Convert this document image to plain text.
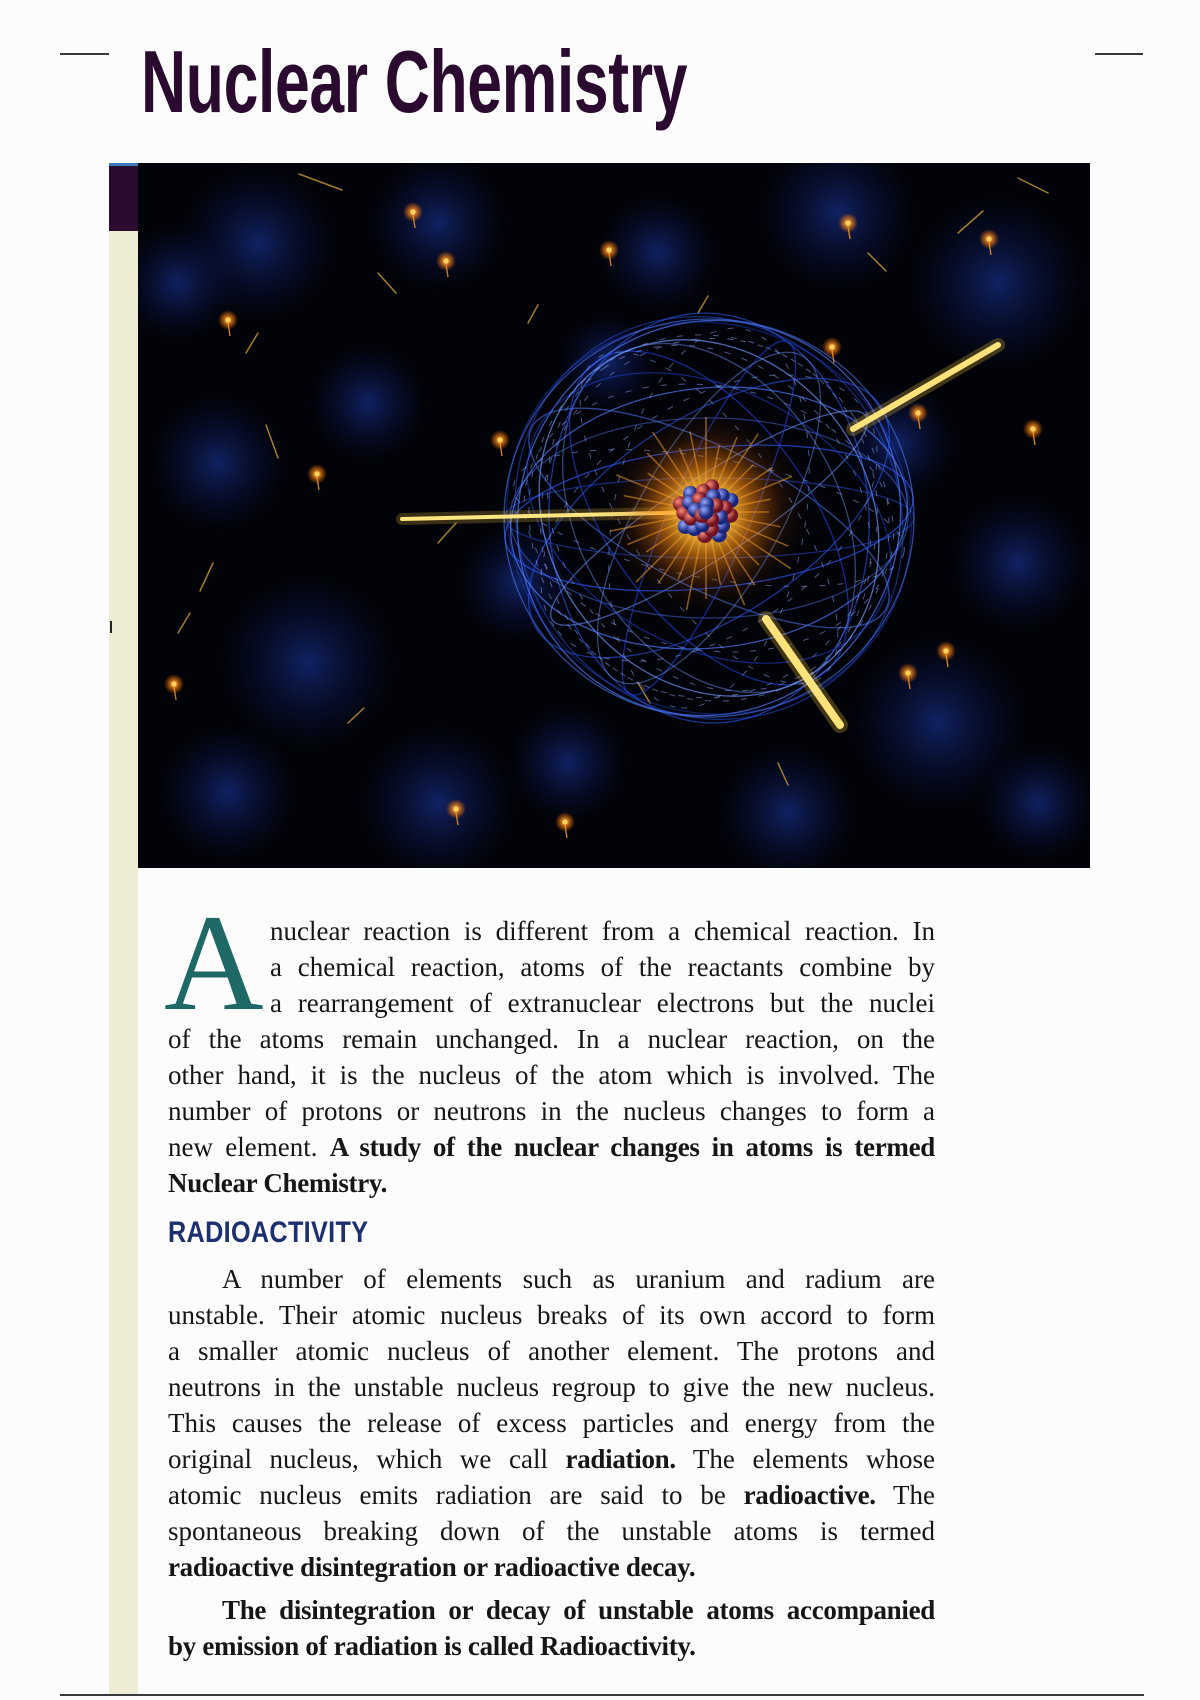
Nuclear Chemistry
A nuclear reaction is different from a chemical reaction. In
a chemical reaction, atoms of the reactants combine by
a rearrangement of extranuclear electrons but the nuclei
of the atoms remain unchanged. In a nuclear reaction, on the
other hand, it is the nucleus of the atom which is involved. The
number of protons or neutrons in the nucleus changes to form a
new element. A study of the nuclear changes in atoms is termed
Nuclear Chemistry.
RADIOACTIVITY
A number of elements such as uranium and radium are
unstable. Their atomic nucleus breaks of its own accord to form
a smaller atomic nucleus of another element. The protons and
neutrons in the unstable nucleus regroup to give the new nucleus.
This causes the release of excess particles and energy from the
original nucleus, which we call radiation. The elements whose
atomic nucleus emits radiation are said to be radioactive. The
spontaneous breaking down of the unstable atoms is termed
radioactive disintegration or radioactive decay.
The disintegration or decay of unstable atoms accompanied
by emission of radiation is called Radioactivity.
